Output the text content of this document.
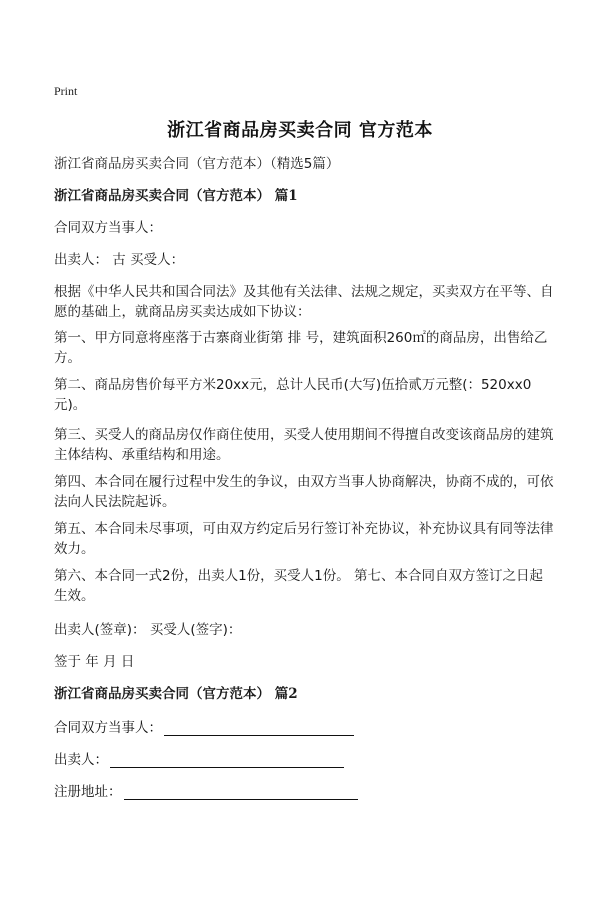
Print
浙江省商品房买卖合同 官方范本
浙江省商品房买卖合同（官方范本）（精选5篇）
浙江省商品房买卖合同（官方范本） 篇1
合同双方当事人：
出卖人： 古 买受人：
根据《中华人民共和国合同法》及其他有关法律、法规之规定，买卖双方在平等、自愿的基础上，就商品房买卖达成如下协议：
第一、甲方同意将座落于古寨商业街第 排 号，建筑面积260㎡的商品房，出售给乙方。
第二、商品房售价每平方米20xx元，总计人民币(大写)伍拾贰万元整(：520xx0 元)。
第三、买受人的商品房仅作商住使用，买受人使用期间不得擅自改变该商品房的建筑主体结构、承重结构和用途。
第四、本合同在履行过程中发生的争议，由双方当事人协商解决，协商不成的，可依法向人民法院起诉。
第五、本合同未尽事项，可由双方约定后另行签订补充协议，补充协议具有同等法律效力。
第六、本合同一式2份，出卖人1份，买受人1份。 第七、本合同自双方签订之日起生效。
出卖人(签章)： 买受人(签字)：
签于 年 月 日
浙江省商品房买卖合同（官方范本） 篇2
合同双方当事人：
出卖人：
注册地址：
